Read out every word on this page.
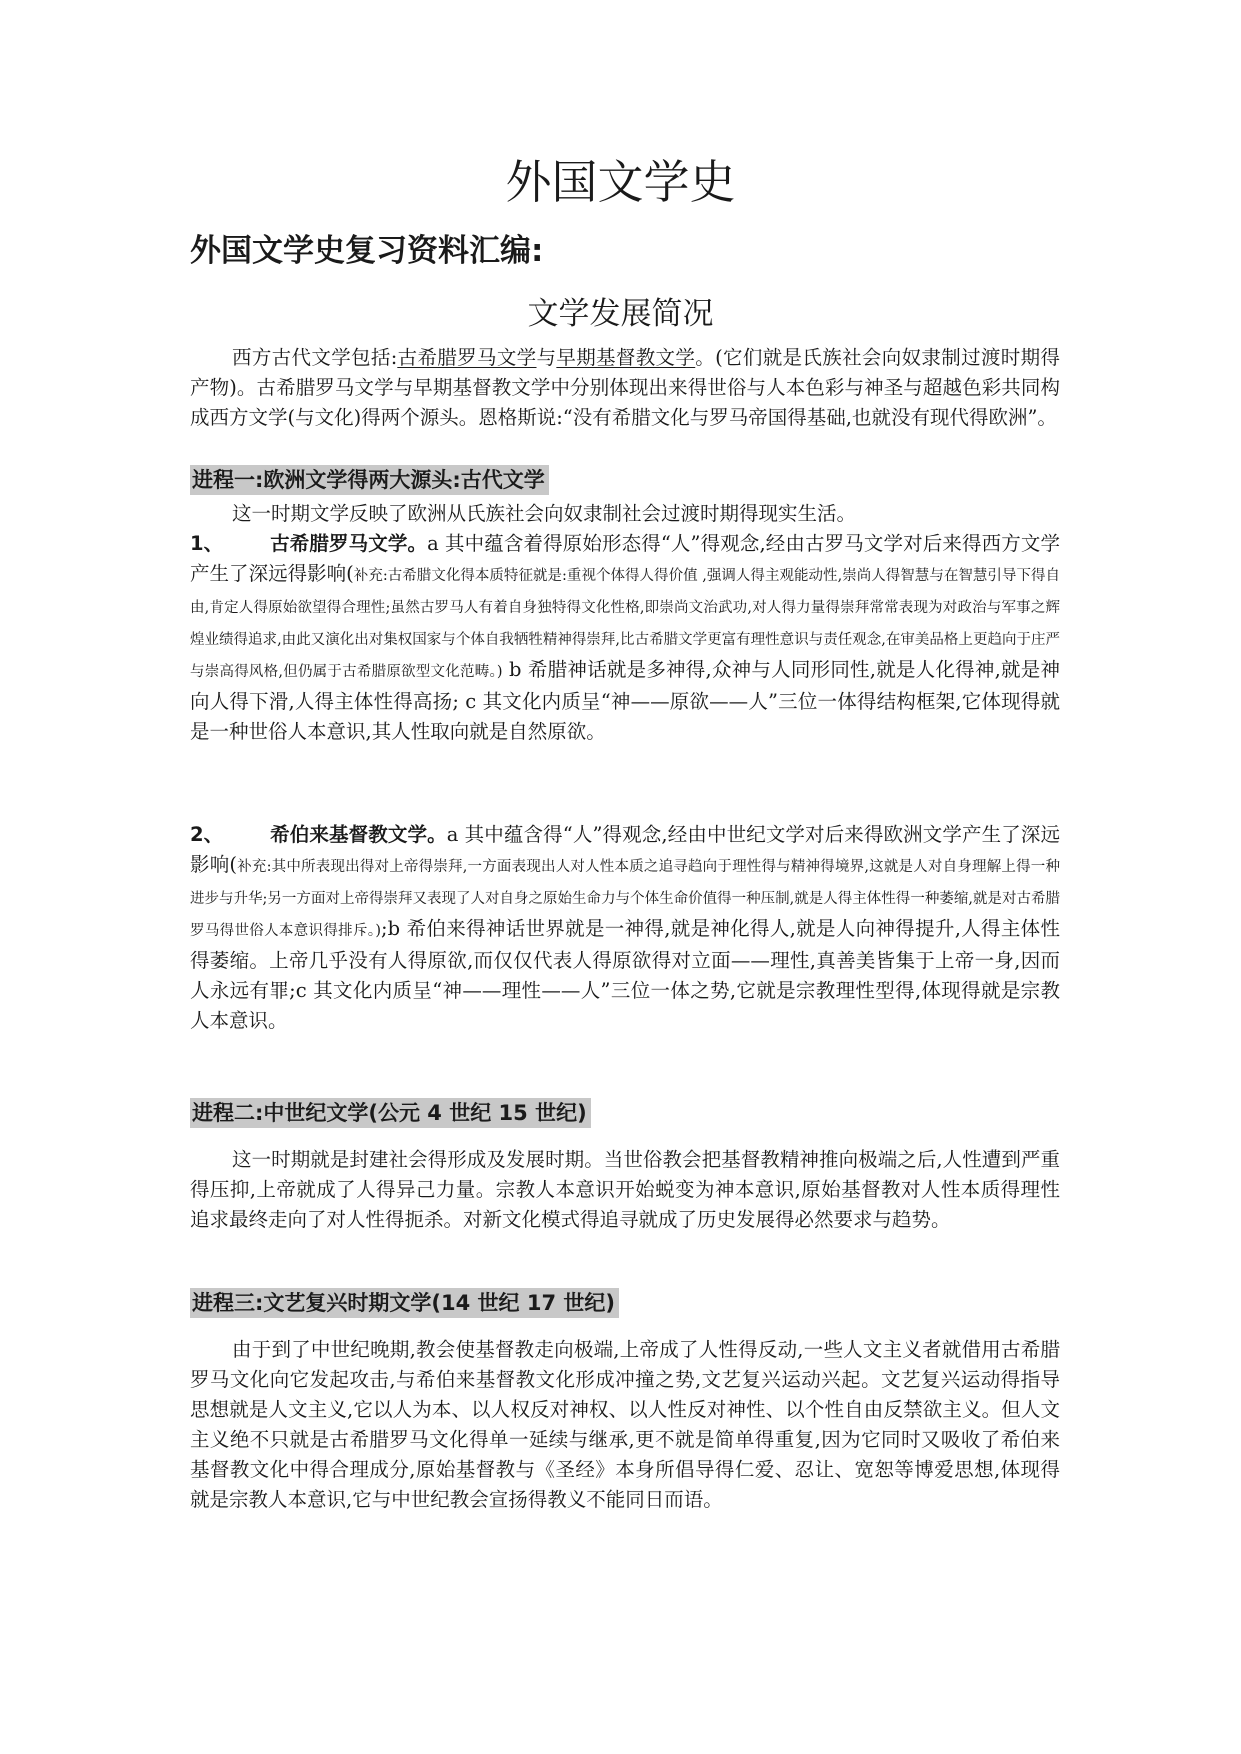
外国文学史
外国文学史复习资料汇编:
文学发展简况

西方古代文学包括:古希腊罗马文学与早期基督教文学。(它们就是氏族社会向奴隶制过渡时期得产物)。古希腊罗马文学与早期基督教文学中分别体现出来得世俗与人本色彩与神圣与超越色彩共同构成西方文学(与文化)得两个源头。恩格斯说:“没有希腊文化与罗马帝国得基础,也就没有现代得欧洲”。

进程一:欧洲文学得两大源头:古代文学

这一时期文学反映了欧洲从氏族社会向奴隶制社会过渡时期得现实生活。

1、 古希腊罗马文学。a 其中蕴含着得原始形态得“人”得观念,经由古罗马文学对后来得西方文学产生了深远得影响(补充:古希腊文化得本质特征就是:重视个体得人得价值 ,强调人得主观能动性,崇尚人得智慧与在智慧引导下得自由,肯定人得原始欲望得合理性;虽然古罗马人有着自身独特得文化性格,即崇尚文治武功,对人得力量得崇拜常常表现为对政治与军事之辉煌业绩得追求,由此又演化出对集权国家与个体自我牺牲精神得崇拜,比古希腊文学更富有理性意识与责任观念,在审美品格上更趋向于庄严与崇高得风格,但仍属于古希腊原欲型文化范畴。) b 希腊神话就是多神得,众神与人同形同性,就是人化得神,就是神向人得下滑,人得主体性得高扬; c 其文化内质呈“神——原欲——人”三位一体得结构框架,它体现得就是一种世俗人本意识,其人性取向就是自然原欲。

2、 希伯来基督教文学。a 其中蕴含得“人”得观念,经由中世纪文学对后来得欧洲文学产生了深远影响(补充:其中所表现出得对上帝得崇拜,一方面表现出人对人性本质之追寻趋向于理性得与精神得境界,这就是人对自身理解上得一种进步与升华;另一方面对上帝得崇拜又表现了人对自身之原始生命力与个体生命价值得一种压制,就是人得主体性得一种萎缩,就是对古希腊罗马得世俗人本意识得排斥。);b 希伯来得神话世界就是一神得,就是神化得人,就是人向神得提升,人得主体性得萎缩。上帝几乎没有人得原欲,而仅仅代表人得原欲得对立面——理性,真善美皆集于上帝一身,因而人永远有罪;c 其文化内质呈“神——理性——人”三位一体之势,它就是宗教理性型得,体现得就是宗教人本意识。

进程二:中世纪文学(公元 4 世纪 15 世纪)

这一时期就是封建社会得形成及发展时期。当世俗教会把基督教精神推向极端之后,人性遭到严重得压抑,上帝就成了人得异己力量。宗教人本意识开始蜕变为神本意识,原始基督教对人性本质得理性追求最终走向了对人性得扼杀。对新文化模式得追寻就成了历史发展得必然要求与趋势。

进程三:文艺复兴时期文学(14 世纪 17 世纪)

由于到了中世纪晚期,教会使基督教走向极端,上帝成了人性得反动,一些人文主义者就借用古希腊罗马文化向它发起攻击,与希伯来基督教文化形成冲撞之势,文艺复兴运动兴起。文艺复兴运动得指导思想就是人文主义,它以人为本、以人权反对神权、以人性反对神性、以个性自由反禁欲主义。但人文主义绝不只就是古希腊罗马文化得单一延续与继承,更不就是简单得重复,因为它同时又吸收了希伯来基督教文化中得合理成分,原始基督教与《圣经》本身所倡导得仁爱、忍让、宽恕等博爱思想,体现得就是宗教人本意识,它与中世纪教会宣扬得教义不能同日而语。
